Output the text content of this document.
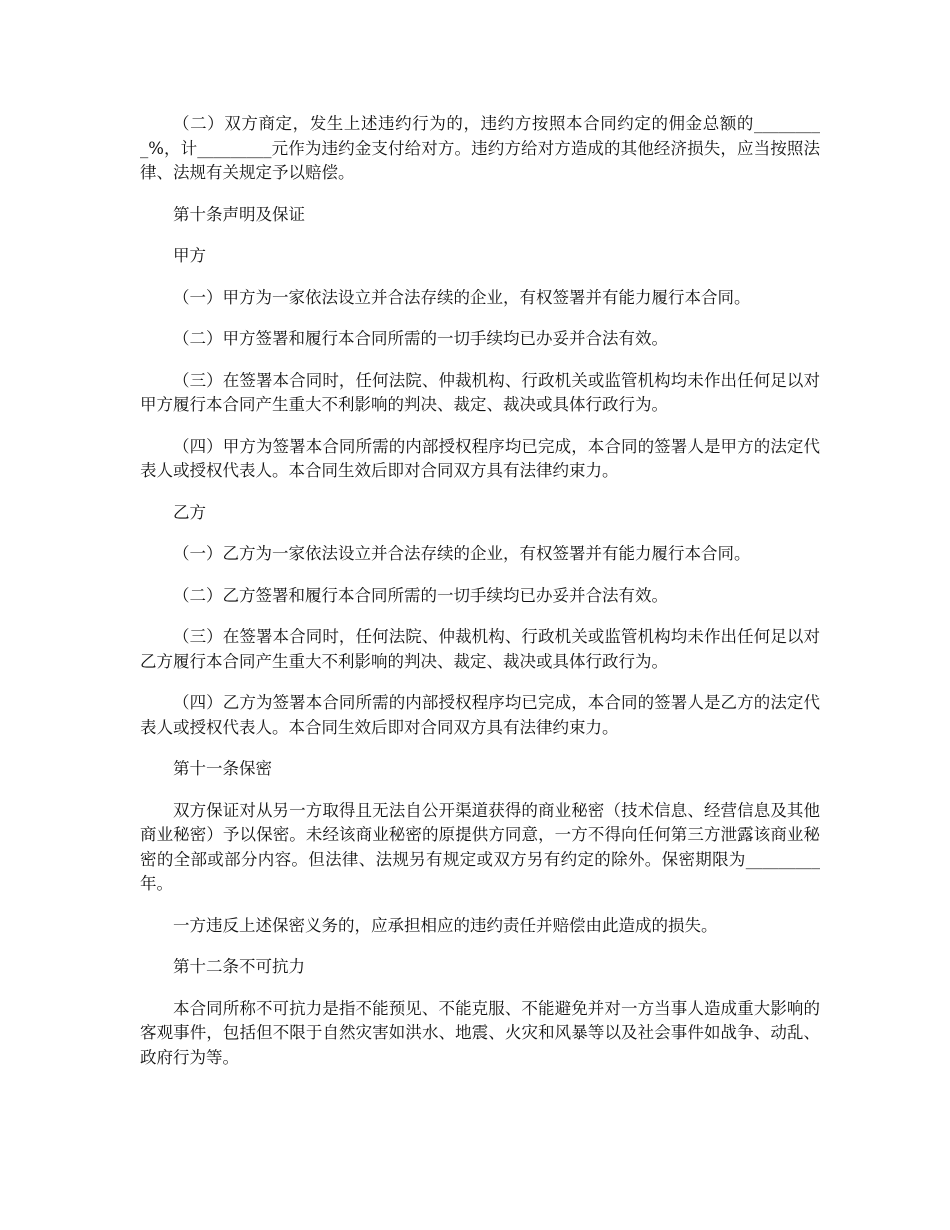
（二）双方商定，发生上述违约行为的，违约方按照本合同约定的佣金总额的_________%，计_________元作为违约金支付给对方。违约方给对方造成的其他经济损失，应当按照法律、法规有关规定予以赔偿。

第十条声明及保证

甲方

（一）甲方为一家依法设立并合法存续的企业，有权签署并有能力履行本合同。

（二）甲方签署和履行本合同所需的一切手续均已办妥并合法有效。

（三）在签署本合同时，任何法院、仲裁机构、行政机关或监管机构均未作出任何足以对甲方履行本合同产生重大不利影响的判决、裁定、裁决或具体行政行为。

（四）甲方为签署本合同所需的内部授权程序均已完成，本合同的签署人是甲方的法定代表人或授权代表人。本合同生效后即对合同双方具有法律约束力。

乙方

（一）乙方为一家依法设立并合法存续的企业，有权签署并有能力履行本合同。

（二）乙方签署和履行本合同所需的一切手续均已办妥并合法有效。

（三）在签署本合同时，任何法院、仲裁机构、行政机关或监管机构均未作出任何足以对乙方履行本合同产生重大不利影响的判决、裁定、裁决或具体行政行为。

（四）乙方为签署本合同所需的内部授权程序均已完成，本合同的签署人是乙方的法定代表人或授权代表人。本合同生效后即对合同双方具有法律约束力。

第十一条保密

双方保证对从另一方取得且无法自公开渠道获得的商业秘密（技术信息、经营信息及其他商业秘密）予以保密。未经该商业秘密的原提供方同意，一方不得向任何第三方泄露该商业秘密的全部或部分内容。但法律、法规另有规定或双方另有约定的除外。保密期限为_________年。

一方违反上述保密义务的，应承担相应的违约责任并赔偿由此造成的损失。

第十二条不可抗力

本合同所称不可抗力是指不能预见、不能克服、不能避免并对一方当事人造成重大影响的客观事件，包括但不限于自然灾害如洪水、地震、火灾和风暴等以及社会事件如战争、动乱、政府行为等。
